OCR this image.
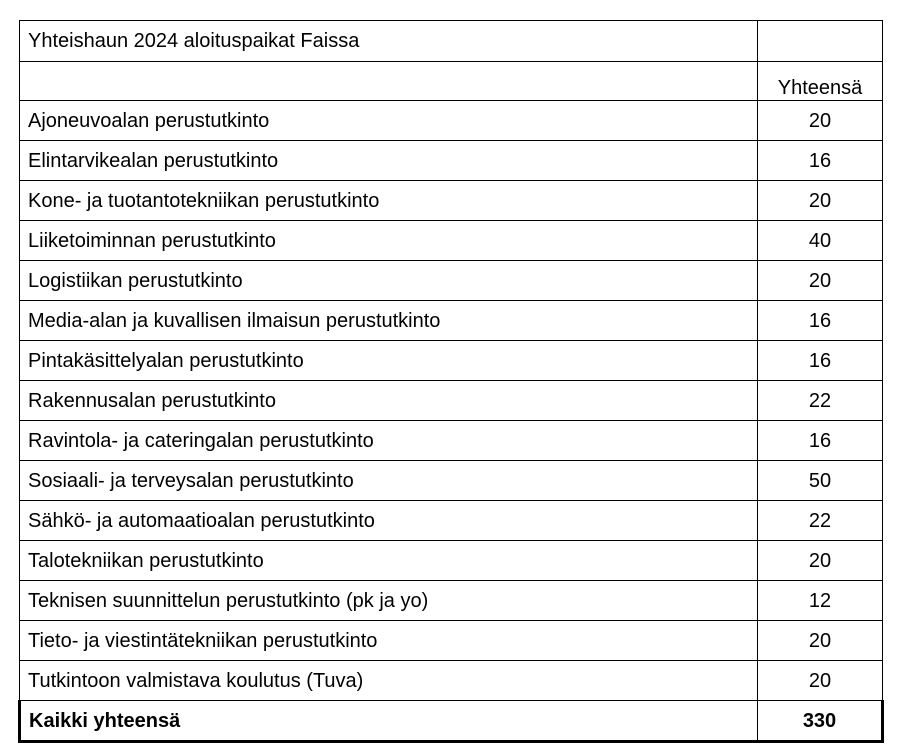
Yhteishaun 2024 aloituspaikat Faissa	
	Yhteensä
Ajoneuvoalan perustutkinto	20
Elintarvikealan perustutkinto	16
Kone- ja tuotantotekniikan perustutkinto	20
Liiketoiminnan perustutkinto	40
Logistiikan perustutkinto	20
Media-alan ja kuvallisen ilmaisun perustutkinto	16
Pintakäsittelyalan perustutkinto	16
Rakennusalan perustutkinto	22
Ravintola- ja cateringalan perustutkinto	16
Sosiaali- ja terveysalan perustutkinto	50
Sähkö- ja automaatioalan perustutkinto	22
Talotekniikan perustutkinto	20
Teknisen suunnittelun perustutkinto (pk ja yo)	12
Tieto- ja viestintätekniikan perustutkinto	20
Tutkintoon valmistava koulutus (Tuva)	20
Kaikki yhteensä	330
